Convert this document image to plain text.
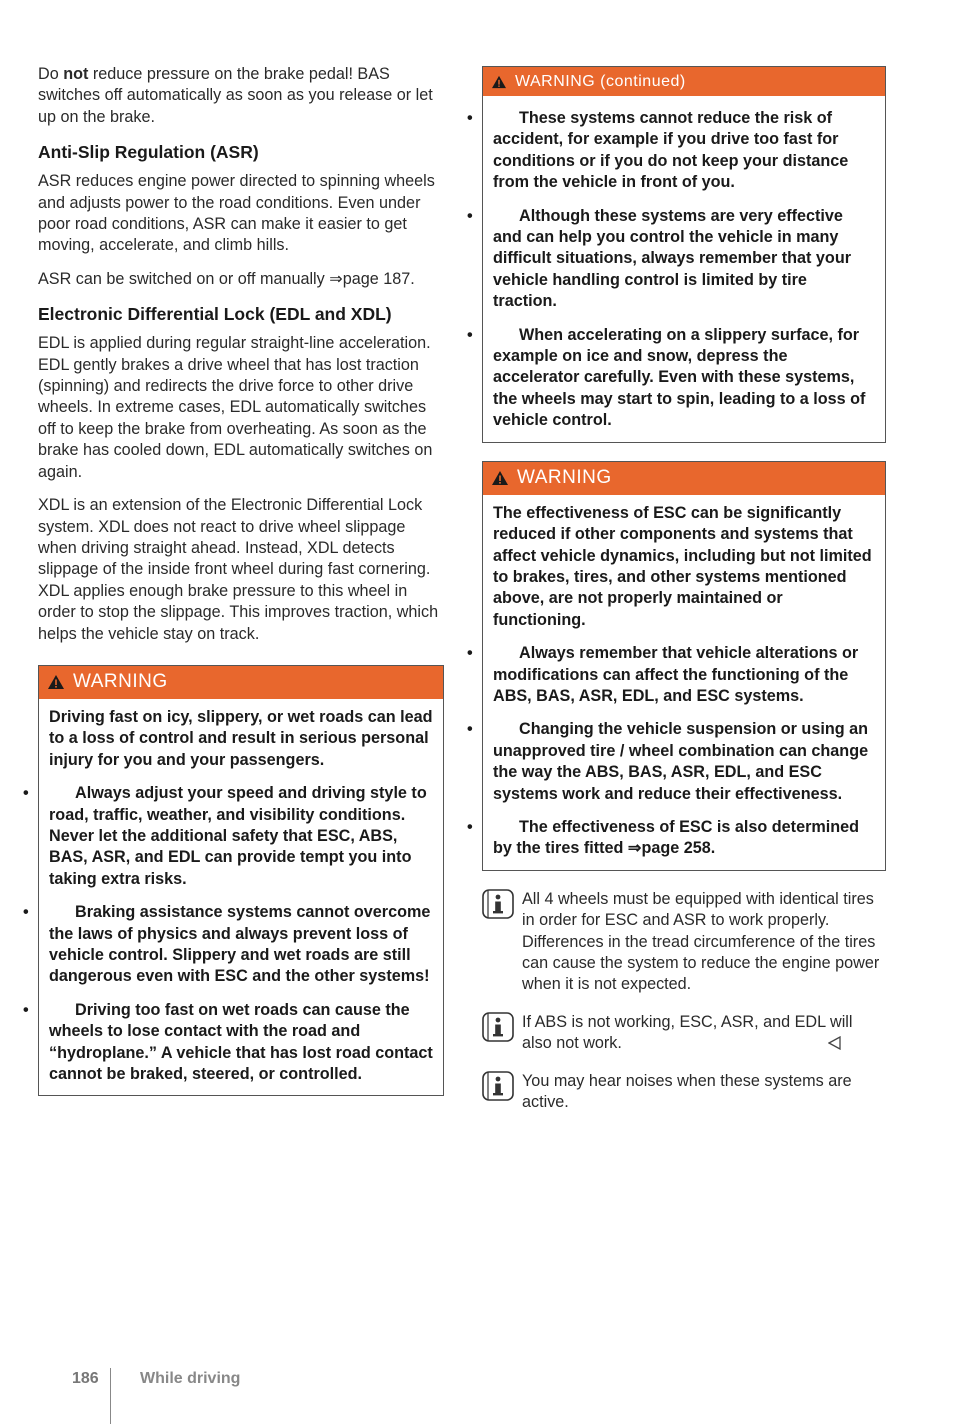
Do not reduce pressure on the brake pedal! BAS switches off automatically as soon as you release or let up on the brake.

Anti-Slip Regulation (ASR)

ASR reduces engine power directed to spinning wheels and adjusts power to the road conditions. Even under poor road conditions, ASR can make it easier to get moving, accelerate, and climb hills.

ASR can be switched on or off manually ⇒page 187.

Electronic Differential Lock (EDL and XDL)

EDL is applied during regular straight-line acceleration. EDL gently brakes a drive wheel that has lost traction (spinning) and redirects the drive force to other drive wheels. In extreme cases, EDL automatically switches off to keep the brake from overheating. As soon as the brake has cooled down, EDL automatically switches on again.

XDL is an extension of the Electronic Differential Lock system. XDL does not react to drive wheel slippage when driving straight ahead. Instead, XDL detects slippage of the inside front wheel during fast cornering. XDL applies enough brake pressure to this wheel in order to stop the slippage. This improves traction, which helps the vehicle stay on track.

WARNING

Driving fast on icy, slippery, or wet roads can lead to a loss of control and result in serious personal injury for you and your passengers.

• Always adjust your speed and driving style to road, traffic, weather, and visibility conditions. Never let the additional safety that ESC, ABS, BAS, ASR, and EDL can provide tempt you into taking extra risks.
• Braking assistance systems cannot overcome the laws of physics and always prevent loss of vehicle control. Slippery and wet roads are still dangerous even with ESC and the other systems!
• Driving too fast on wet roads can cause the wheels to lose contact with the road and “hydroplane.” A vehicle that has lost road contact cannot be braked, steered, or controlled.
WARNING (continued)
• These systems cannot reduce the risk of accident, for example if you drive too fast for conditions or if you do not keep your distance from the vehicle in front of you.
• Although these systems are very effective and can help you control the vehicle in many difficult situations, always remember that your vehicle handling control is limited by tire traction.
• When accelerating on a slippery surface, for example on ice and snow, depress the accelerator carefully. Even with these systems, the wheels may start to spin, leading to a loss of vehicle control.
WARNING

The effectiveness of ESC can be significantly reduced if other components and systems that affect vehicle dynamics, including but not limited to brakes, tires, and other systems mentioned above, are not properly maintained or functioning.

• Always remember that vehicle alterations or modifications can affect the functioning of the ABS, BAS, ASR, EDL, and ESC systems.
• Changing the vehicle suspension or using an unapproved tire / wheel combination can change the way the ABS, BAS, ASR, EDL, and ESC systems work and reduce their effectiveness.
• The effectiveness of ESC is also determined by the tires fitted ⇒page 258.

All 4 wheels must be equipped with identical tires in order for ESC and ASR to work properly. Differences in the tread circumference of the tires can cause the system to reduce the engine power when it is not expected.

If ABS is not working, ESC, ASR, and EDL will also not work.

You may hear noises when these systems are active.

186	While driving
